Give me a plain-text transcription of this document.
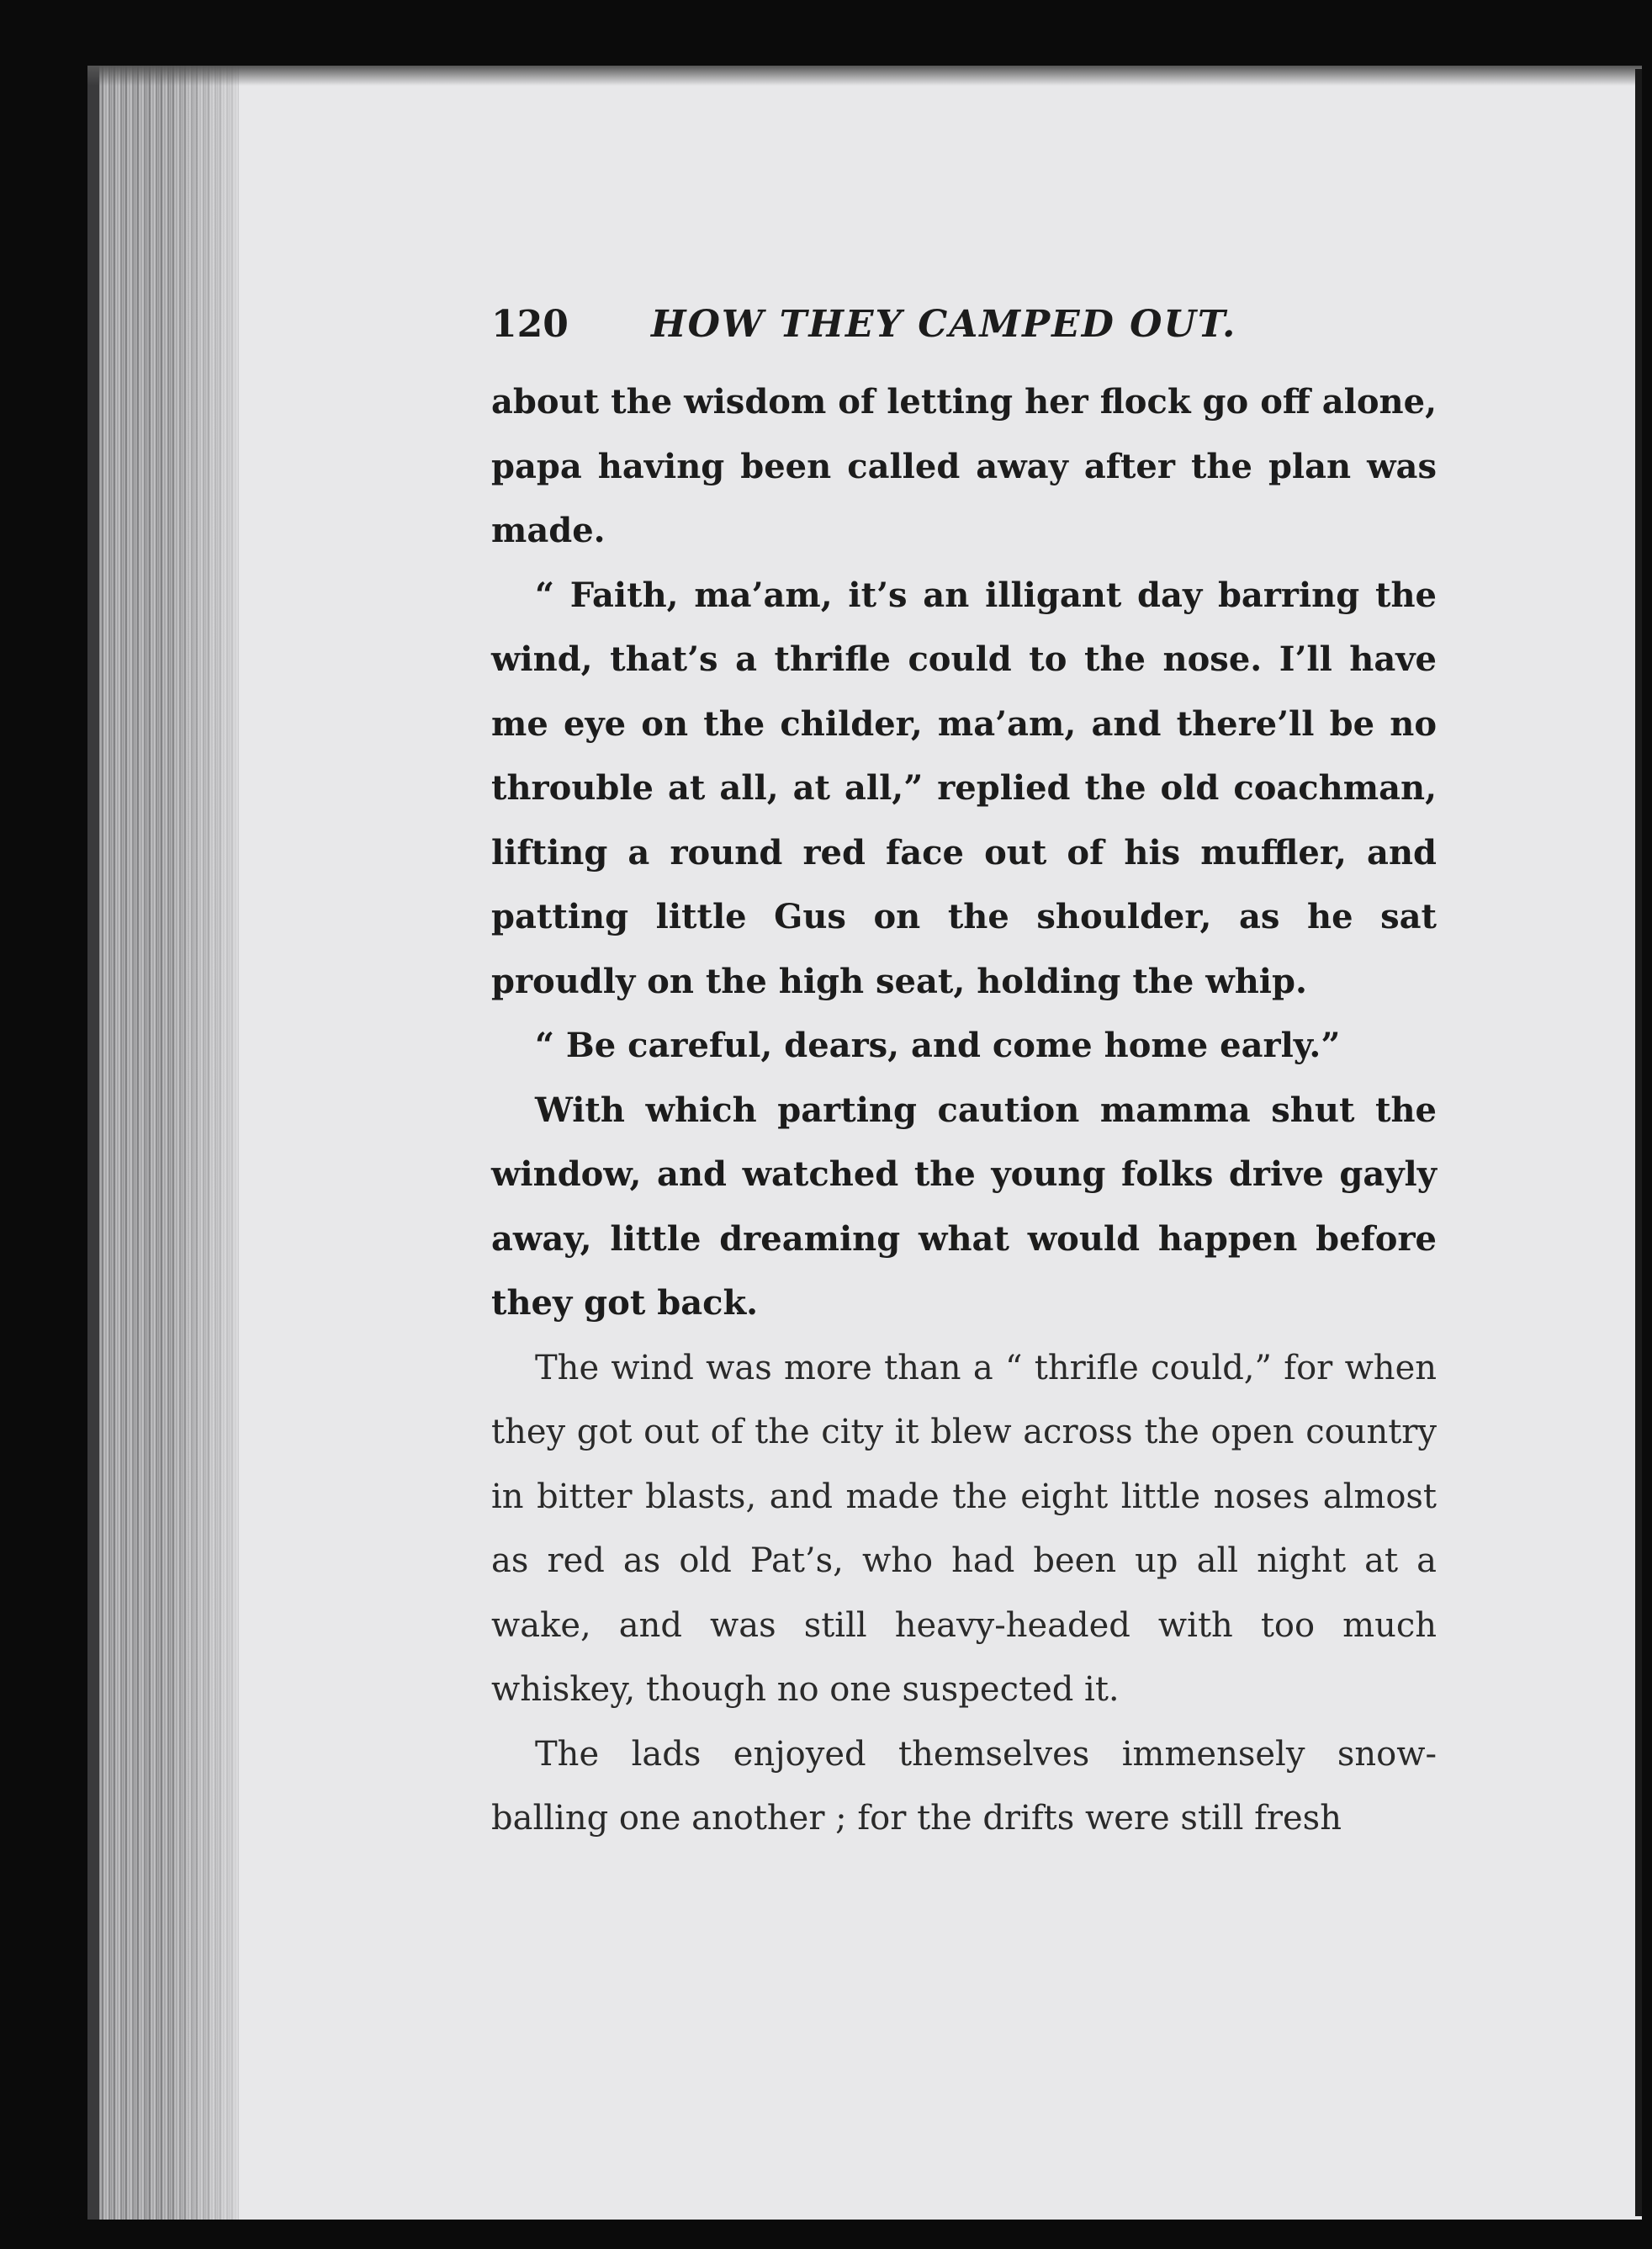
120	HOW THEY CAMPED OUT.

about the wisdom of letting her flock go off alone, papa having been called away after the plan was made.

“ Faith, ma’am, it’s an illigant day barring the wind, that’s a thrifle could to the nose. I’ll have me eye on the childer, ma’am, and there’ll be no throuble at all, at all,” replied the old coachman, lifting a round red face out of his muffler, and patting little Gus on the shoulder, as he sat proudly on the high seat, holding the whip.

“ Be careful, dears, and come home early.”

With which parting caution mamma shut the window, and watched the young folks drive gayly away, little dreaming what would happen before they got back.

The wind was more than a “ thrifle could,” for when they got out of the city it blew across the open country in bitter blasts, and made the eight little noses almost as red as old Pat’s, who had been up all night at a wake, and was still heavy-headed with too much whiskey, though no one suspected it.

The lads enjoyed themselves immensely snow-balling one another ; for the drifts were still fresh
